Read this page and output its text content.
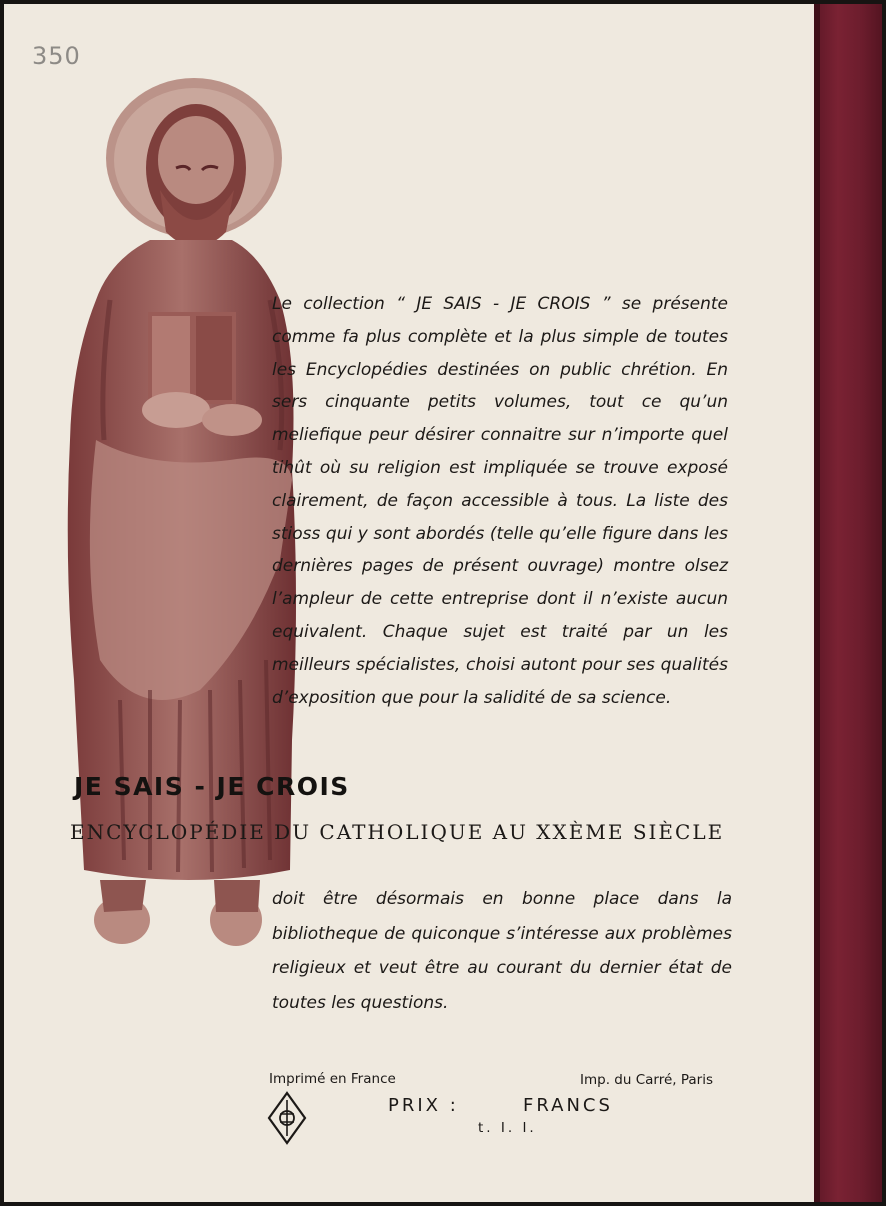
350

Le collection “ JE SAIS - JE CROIS ” se présente comme fa plus complète et la plus simple de toutes les Encyclopédies destinées on public chrétion. En sers cinquante petits volumes, tout ce qu’un meliefique peur désirer connaitre sur n’importe quel tihût où su religion est impliquée se trouve exposé clairement, de façon accessible à tous. La liste des stioss qui y sont abordés (telle qu’elle figure dans les dernières pages de présent ouvrage) montre olsez l’ampleur de cette entreprise dont il n’existe aucun equivalent. Chaque sujet est traité par un les meilleurs spécialistes, choisi autont pour ses qualités d’exposition que pour la salidité de sa science.

JE SAIS - JE CROIS
ENCYCLOPÉDIE DU CATHOLIQUE AU XXÈME SIÈCLE

doit être désormais en bonne place dans la bibliotheque de quiconque s’intéresse aux problèmes religieux et veut être au courant du dernier état de toutes les questions.

Imprimé en France	Imp. du Carré, Paris
PRIX :	FRANCS
t. I. I.
